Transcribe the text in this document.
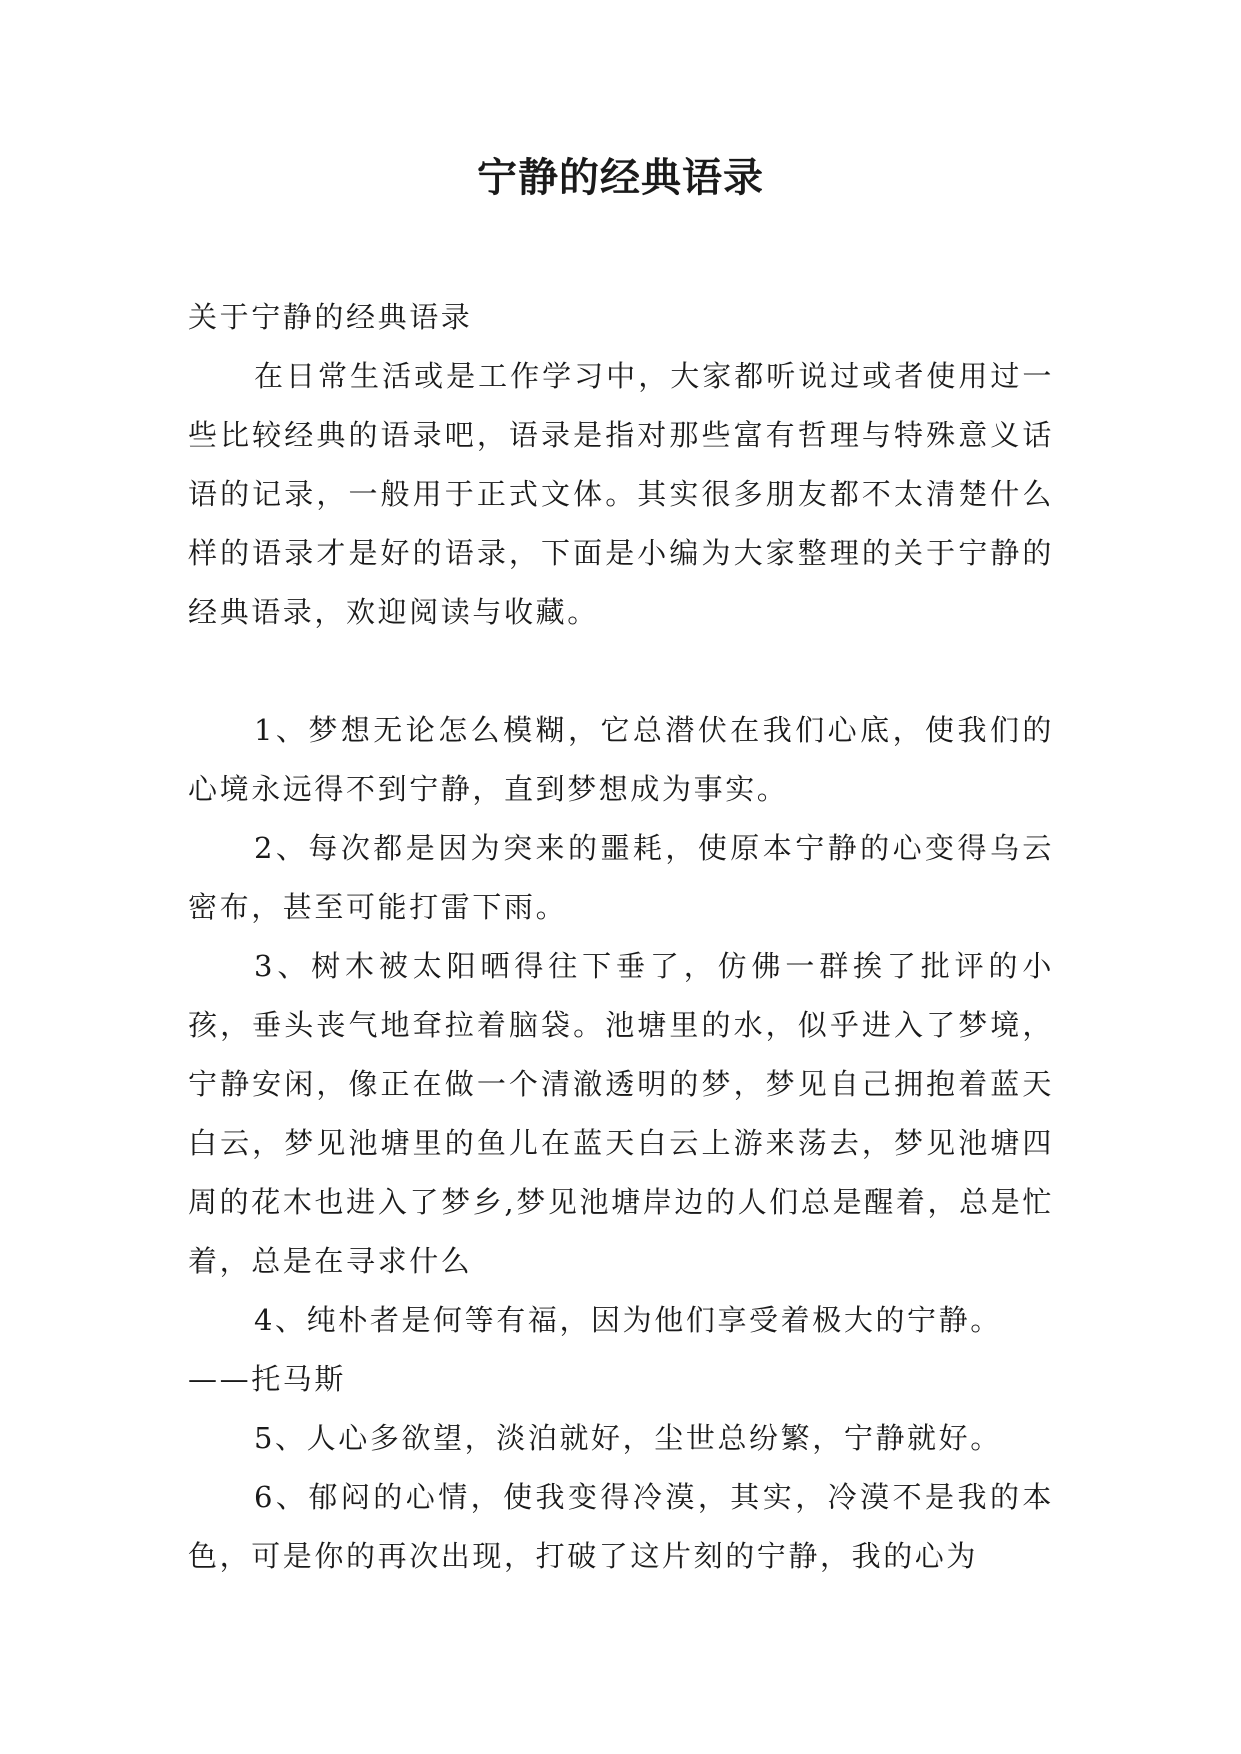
宁静的经典语录

关于宁静的经典语录

在日常生活或是工作学习中，大家都听说过或者使用过一些比较经典的语录吧，语录是指对那些富有哲理与特殊意义话语的记录，一般用于正式文体。其实很多朋友都不太清楚什么样的语录才是好的语录，下面是小编为大家整理的关于宁静的经典语录，欢迎阅读与收藏。

1、梦想无论怎么模糊，它总潜伏在我们心底，使我们的心境永远得不到宁静，直到梦想成为事实。

2、每次都是因为突来的噩耗，使原本宁静的心变得乌云密布，甚至可能打雷下雨。

3、树木被太阳晒得往下垂了，仿佛一群挨了批评的小孩，垂头丧气地耷拉着脑袋。池塘里的水，似乎进入了梦境，宁静安闲，像正在做一个清澈透明的梦，梦见自己拥抱着蓝天白云，梦见池塘里的鱼儿在蓝天白云上游来荡去，梦见池塘四周的花木也进入了梦乡,梦见池塘岸边的人们总是醒着，总是忙着，总是在寻求什么

4、纯朴者是何等有福，因为他们享受着极大的宁静。

——托马斯

5、人心多欲望，淡泊就好，尘世总纷繁，宁静就好。

6、郁闷的心情，使我变得冷漠，其实，冷漠不是我的本色，可是你的再次出现，打破了这片刻的宁静，我的心为
